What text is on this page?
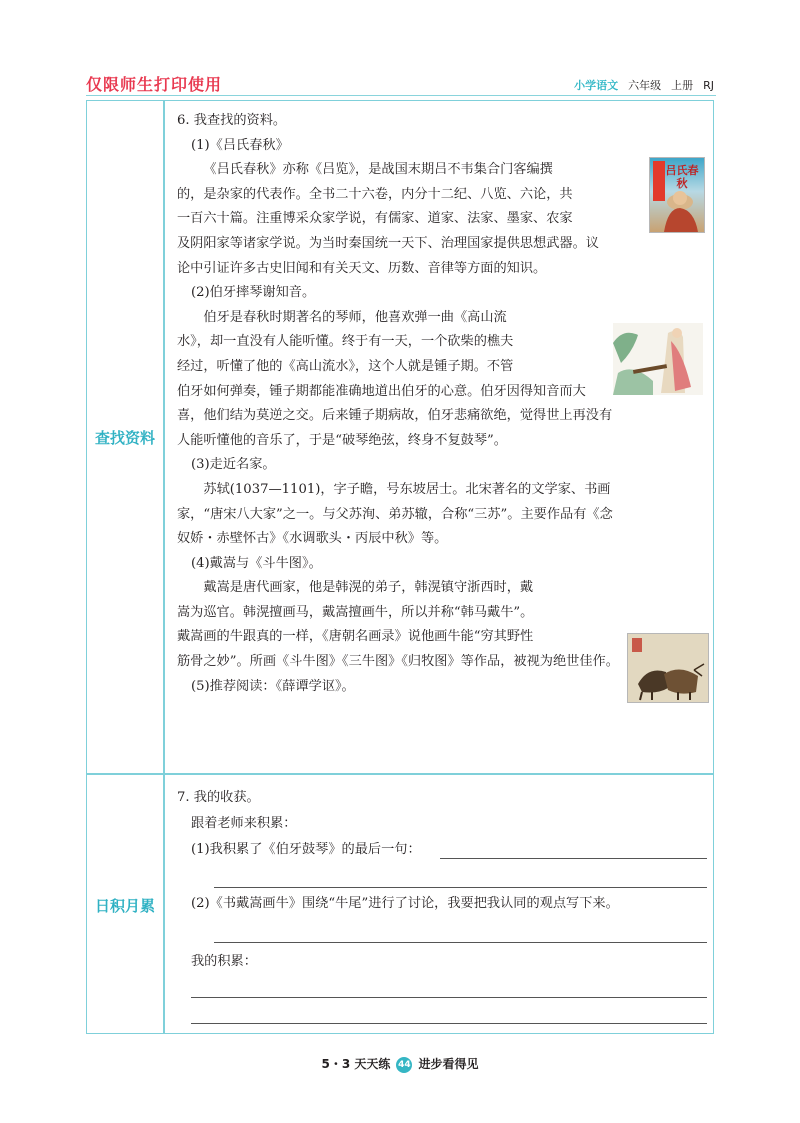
仅限师生打印使用	小学语文 六年级 上册 RJ
查找资料
日积月累

6. 我查找的资料。

(1)《吕氏春秋》

《吕氏春秋》亦称《吕览》，是战国末期吕不韦集合门客编撰

的，是杂家的代表作。全书二十六卷，内分十二纪、八览、六论，共

一百六十篇。注重博采众家学说，有儒家、道家、法家、墨家、农家

及阴阳家等诸家学说。为当时秦国统一天下、治理国家提供思想武器。议

论中引证许多古史旧闻和有关天文、历数、音律等方面的知识。

(2)伯牙摔琴谢知音。

伯牙是春秋时期著名的琴师，他喜欢弹一曲《高山流

水》，却一直没有人能听懂。终于有一天，一个砍柴的樵夫

经过，听懂了他的《高山流水》，这个人就是锺子期。不管

伯牙如何弹奏，锺子期都能准确地道出伯牙的心意。伯牙因得知音而大

喜，他们结为莫逆之交。后来锺子期病故，伯牙悲痛欲绝，觉得世上再没有

人能听懂他的音乐了，于是“破琴绝弦，终身不复鼓琴”。

(3)走近名家。

苏轼(1037—1101)，字子瞻，号东坡居士。北宋著名的文学家、书画

家，“唐宋八大家”之一。与父苏洵、弟苏辙，合称“三苏”。主要作品有《念

奴娇・赤壁怀古》《水调歌头・丙辰中秋》等。

(4)戴嵩与《斗牛图》。

戴嵩是唐代画家，他是韩滉的弟子，韩滉镇守浙西时，戴

嵩为巡官。韩滉擅画马，戴嵩擅画牛，所以并称“韩马戴牛”。

戴嵩画的牛跟真的一样，《唐朝名画录》说他画牛能“穷其野性

筋骨之妙”。所画《斗牛图》《三牛图》《归牧图》等作品，被视为绝世佳作。

(5)推荐阅读：《薛谭学讴》。

吕氏春秋

7. 我的收获。

跟着老师来积累：

(1)我积累了《伯牙鼓琴》的最后一句：

(2)《书戴嵩画牛》围绕“牛尾”进行了讨论，我要把我认同的观点写下来。

我的积累：

5・3 天天练 44 进步看得见
